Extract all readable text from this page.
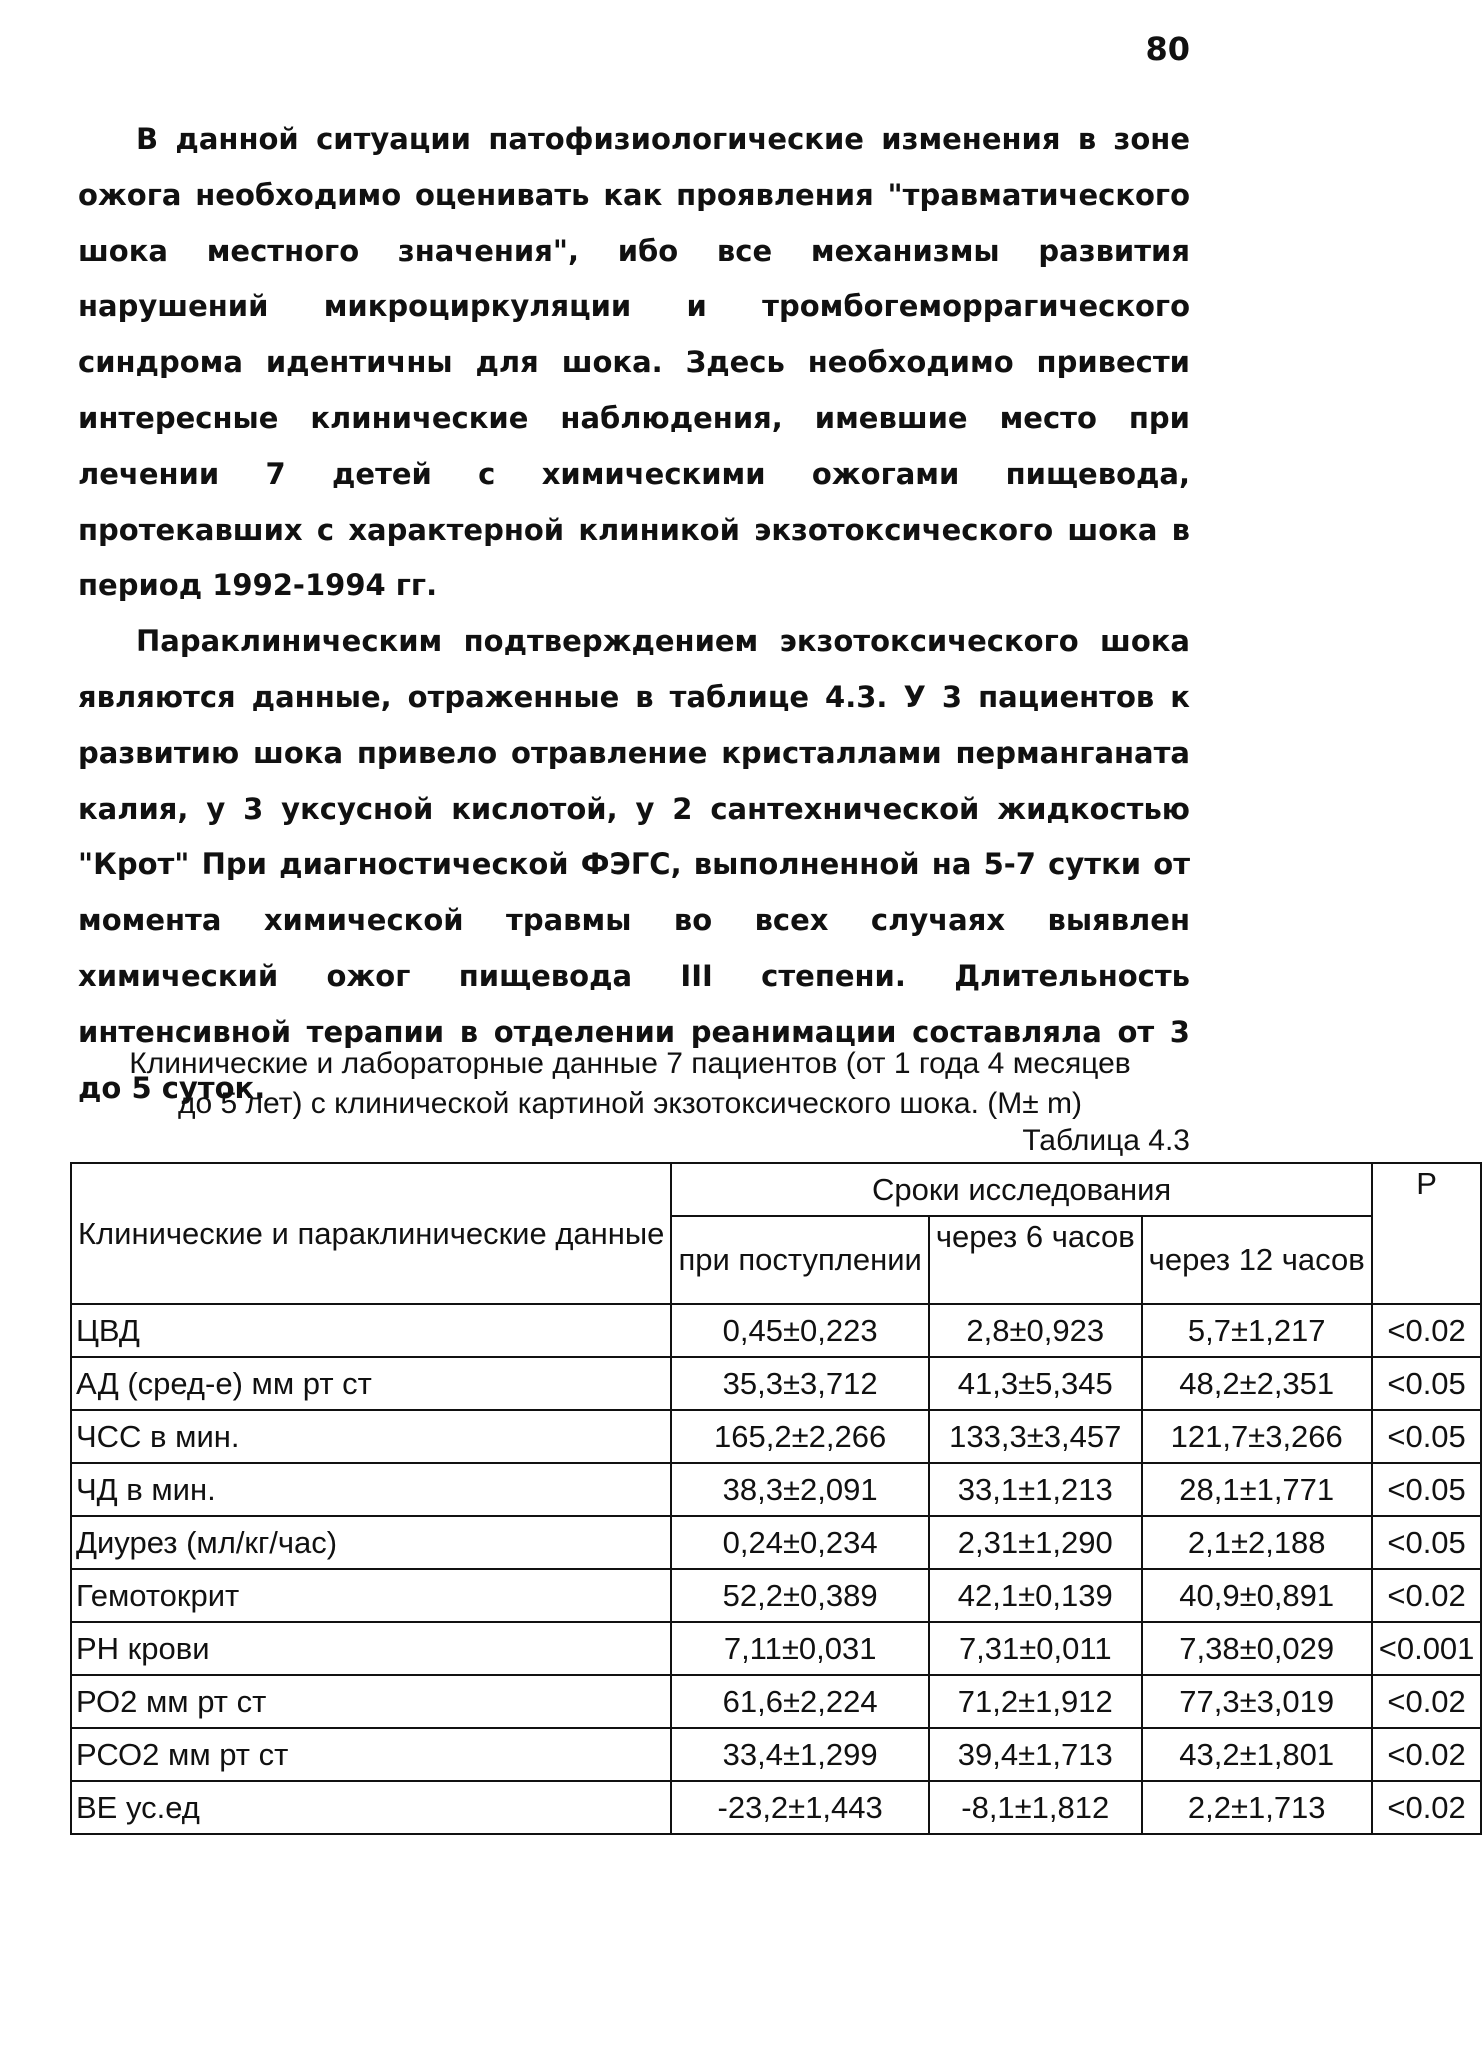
80

В данной ситуации патофизиологические изменения в зоне ожога необходимо оценивать как проявления "травматического шока местного значения", ибо все механизмы развития нарушений микроциркуляции и тромбогеморрагического синдрома идентичны для шока. Здесь необходимо привести интересные клинические наблюдения, имевшие место при лечении 7 детей с химическими ожогами пищевода, протекавших с характерной клиникой экзотоксического шока в период 1992-1994 гг.

Параклиническим подтверждением экзотоксического шока являются данные, отраженные в таблице 4.3. У 3 пациентов к развитию шока привело отравление кристаллами перманганата калия, у 3 уксусной кислотой, у 2 сантехнической жидкостью "Крот" При диагностической ФЭГС, выполненной на 5-7 сутки от момента химической травмы во всех случаях выявлен химический ожог пищевода III степени. Длительность интенсивной терапии в отделении реанимации составляла от 3 до 5 суток.

Клинические и лабораторные данные 7 пациентов (от 1 года 4 месяцев
до 5 лет) с клинической картиной экзотоксического шока. (M± m)
Таблица 4.3
Клинические и параклинические данные	Сроки исследования			P
	при поступлении	через 6 часов	через 12 часов	
ЦВД	0,45±0,223	2,8±0,923	5,7±1,217	<0.02
АД (сред-е) мм рт ст	35,3±3,712	41,3±5,345	48,2±2,351	<0.05
ЧСС в мин.	165,2±2,266	133,3±3,457	121,7±3,266	<0.05
ЧД в мин.	38,3±2,091	33,1±1,213	28,1±1,771	<0.05
Диурез (мл/кг/час)	0,24±0,234	2,31±1,290	2,1±2,188	<0.05
Гемотокрит	52,2±0,389	42,1±0,139	40,9±0,891	<0.02
РН крови	7,11±0,031	7,31±0,011	7,38±0,029	<0.001
РО2 мм рт ст	61,6±2,224	71,2±1,912	77,3±3,019	<0.02
РСО2 мм рт ст	33,4±1,299	39,4±1,713	43,2±1,801	<0.02
ВЕ ус.ед	-23,2±1,443	-8,1±1,812	2,2±1,713	<0.02
